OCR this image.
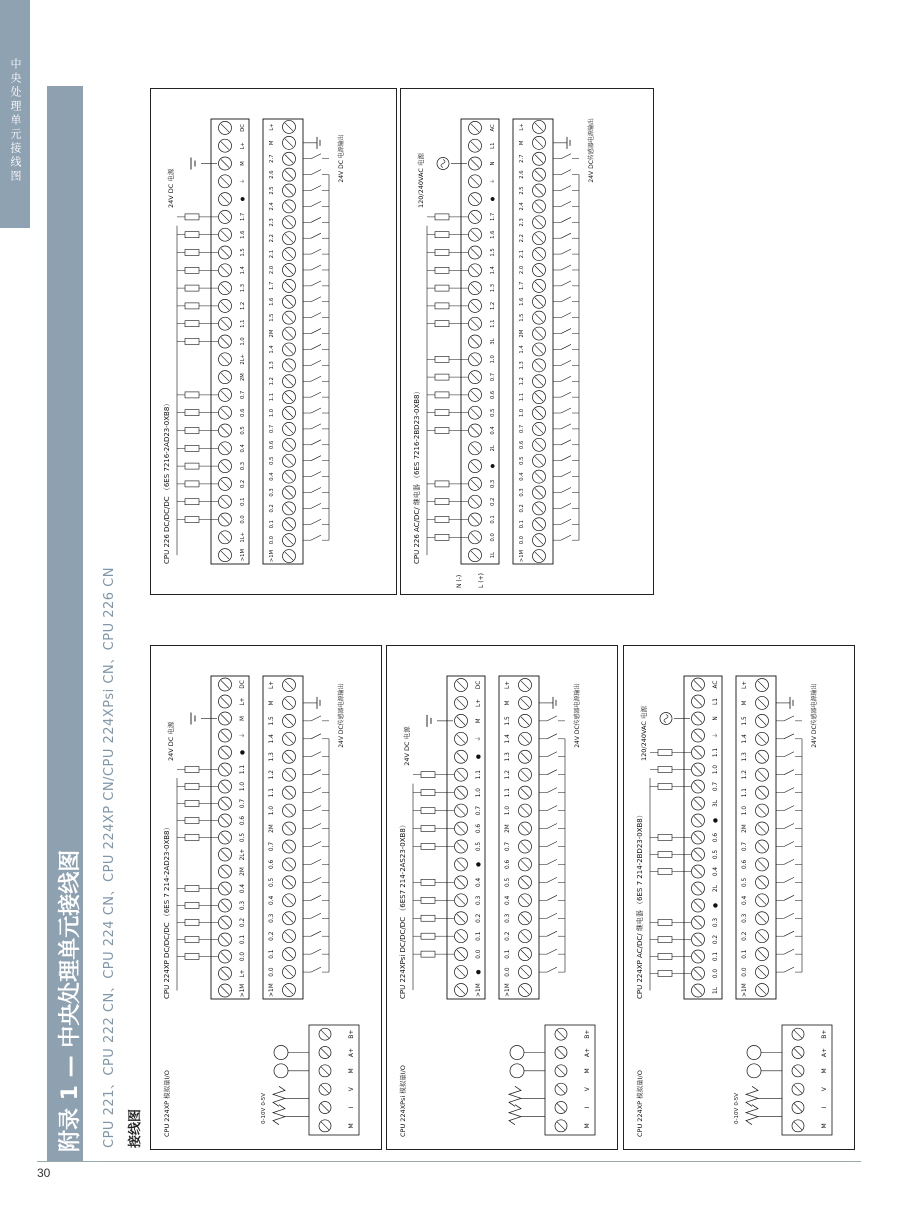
中央处理单元接线图
附录 1 — 中央处理单元接线图	CPU 221、CPU 222 CN、CPU 224 CN、CPU 224XP CN/CPU 224XPsi CN、CPU 226 CN 接线图
30
CPU 224XP DC/DC/DC （6ES 7 214-2AD23-0XB8）
CPU 224XP 模拟量I/O	M
I
V
M
A+
B+
0-10V
0-5V
>1M
L+
0.0
0.1
0.2
0.3
0.4
2M
2L+
0.5
0.6
0.7
1.0
1.1
●
⏚
M
L+
DC
24V DC 电源
>1M
0.0
0.1
0.2
0.3
0.4
0.5
0.6
0.7
2M
1.0
1.1
1.2
1.3
1.4
1.5
M
L+	24V DC传感器电源输出
CPU 224XPsi DC/DC/DC （6ES7 214-2AS23-0XB8）
CPU 224XPsi 模拟量I/O	M
I
V
M
A+
B+
>1M
●
0.0
0.1
0.2
0.3
0.4
●
0.5
0.6
0.7
1.0
1.1
●
⏚
M
L+
DC
24V DC 电源
>1M
0.0
0.1
0.2
0.3
0.4
0.5
0.6
0.7
2M
1.0
1.1
1.2
1.3
1.4
1.5
M
L+	24V DC传感器电源输出
CPU 224XP AC/DC/ 继电器 （6ES 7 214-2BD23-0XB8）
CPU 224XP 模拟量I/O	M
I
V
M
A+
B+
0-10V
0-5V
1L
0.0
0.1
0.2
0.3
●
2L
0.4
0.5
0.6
●
3L
0.7
1.0
1.1
⏚
N
L1
AC
120/240VAC 电源
>1M
0.0
0.1
0.2
0.3
0.4
0.5
0.6
0.7
2M
1.0
1.1
1.2
1.3
1.4
1.5
M
L+	24V DC传感器电源输出
CPU 226 DC/DC/DC （6ES 7216-2AD23-0XB8）	>1M
1L+
0.0
0.1
0.2
0.3
0.4
0.5
0.6
0.7
2M
2L+
1.0
1.1
1.2
1.3
1.4
1.5
1.6
1.7
●
⏚
M
L+
DC
24V DC 电源
>1M
0.0
0.1
0.2
0.3
0.4
0.5
0.6
0.7
1.0
1.1
1.2
1.3
1.4
2M
1.5
1.6
1.7
2.0
2.1
2.2
2.3
2.4
2.5
2.6
2.7
M
L+
24V DC 电源输出
CPU 226 AC/DC/ 继电器 （6ES 7216-2BD23-0XB8）	1L
0.0
0.1
0.2
0.3
●
2L
0.4
0.5
0.6
0.7
1.0
3L
1.1
1.2
1.3
1.4
1.5
1.6
1.7
●
⏚
N
L1
AC
120/240VAC 电源
>1M
0.0
0.1
0.2
0.3
0.4
0.5
0.6
0.7
1.0
1.1
1.2
1.3
1.4
2M
1.5
1.6
1.7
2.0
2.1
2.2
2.3
2.4
2.5
2.6
2.7
M
L+	24V DC传感器电源输出
N (-)	L (+)
